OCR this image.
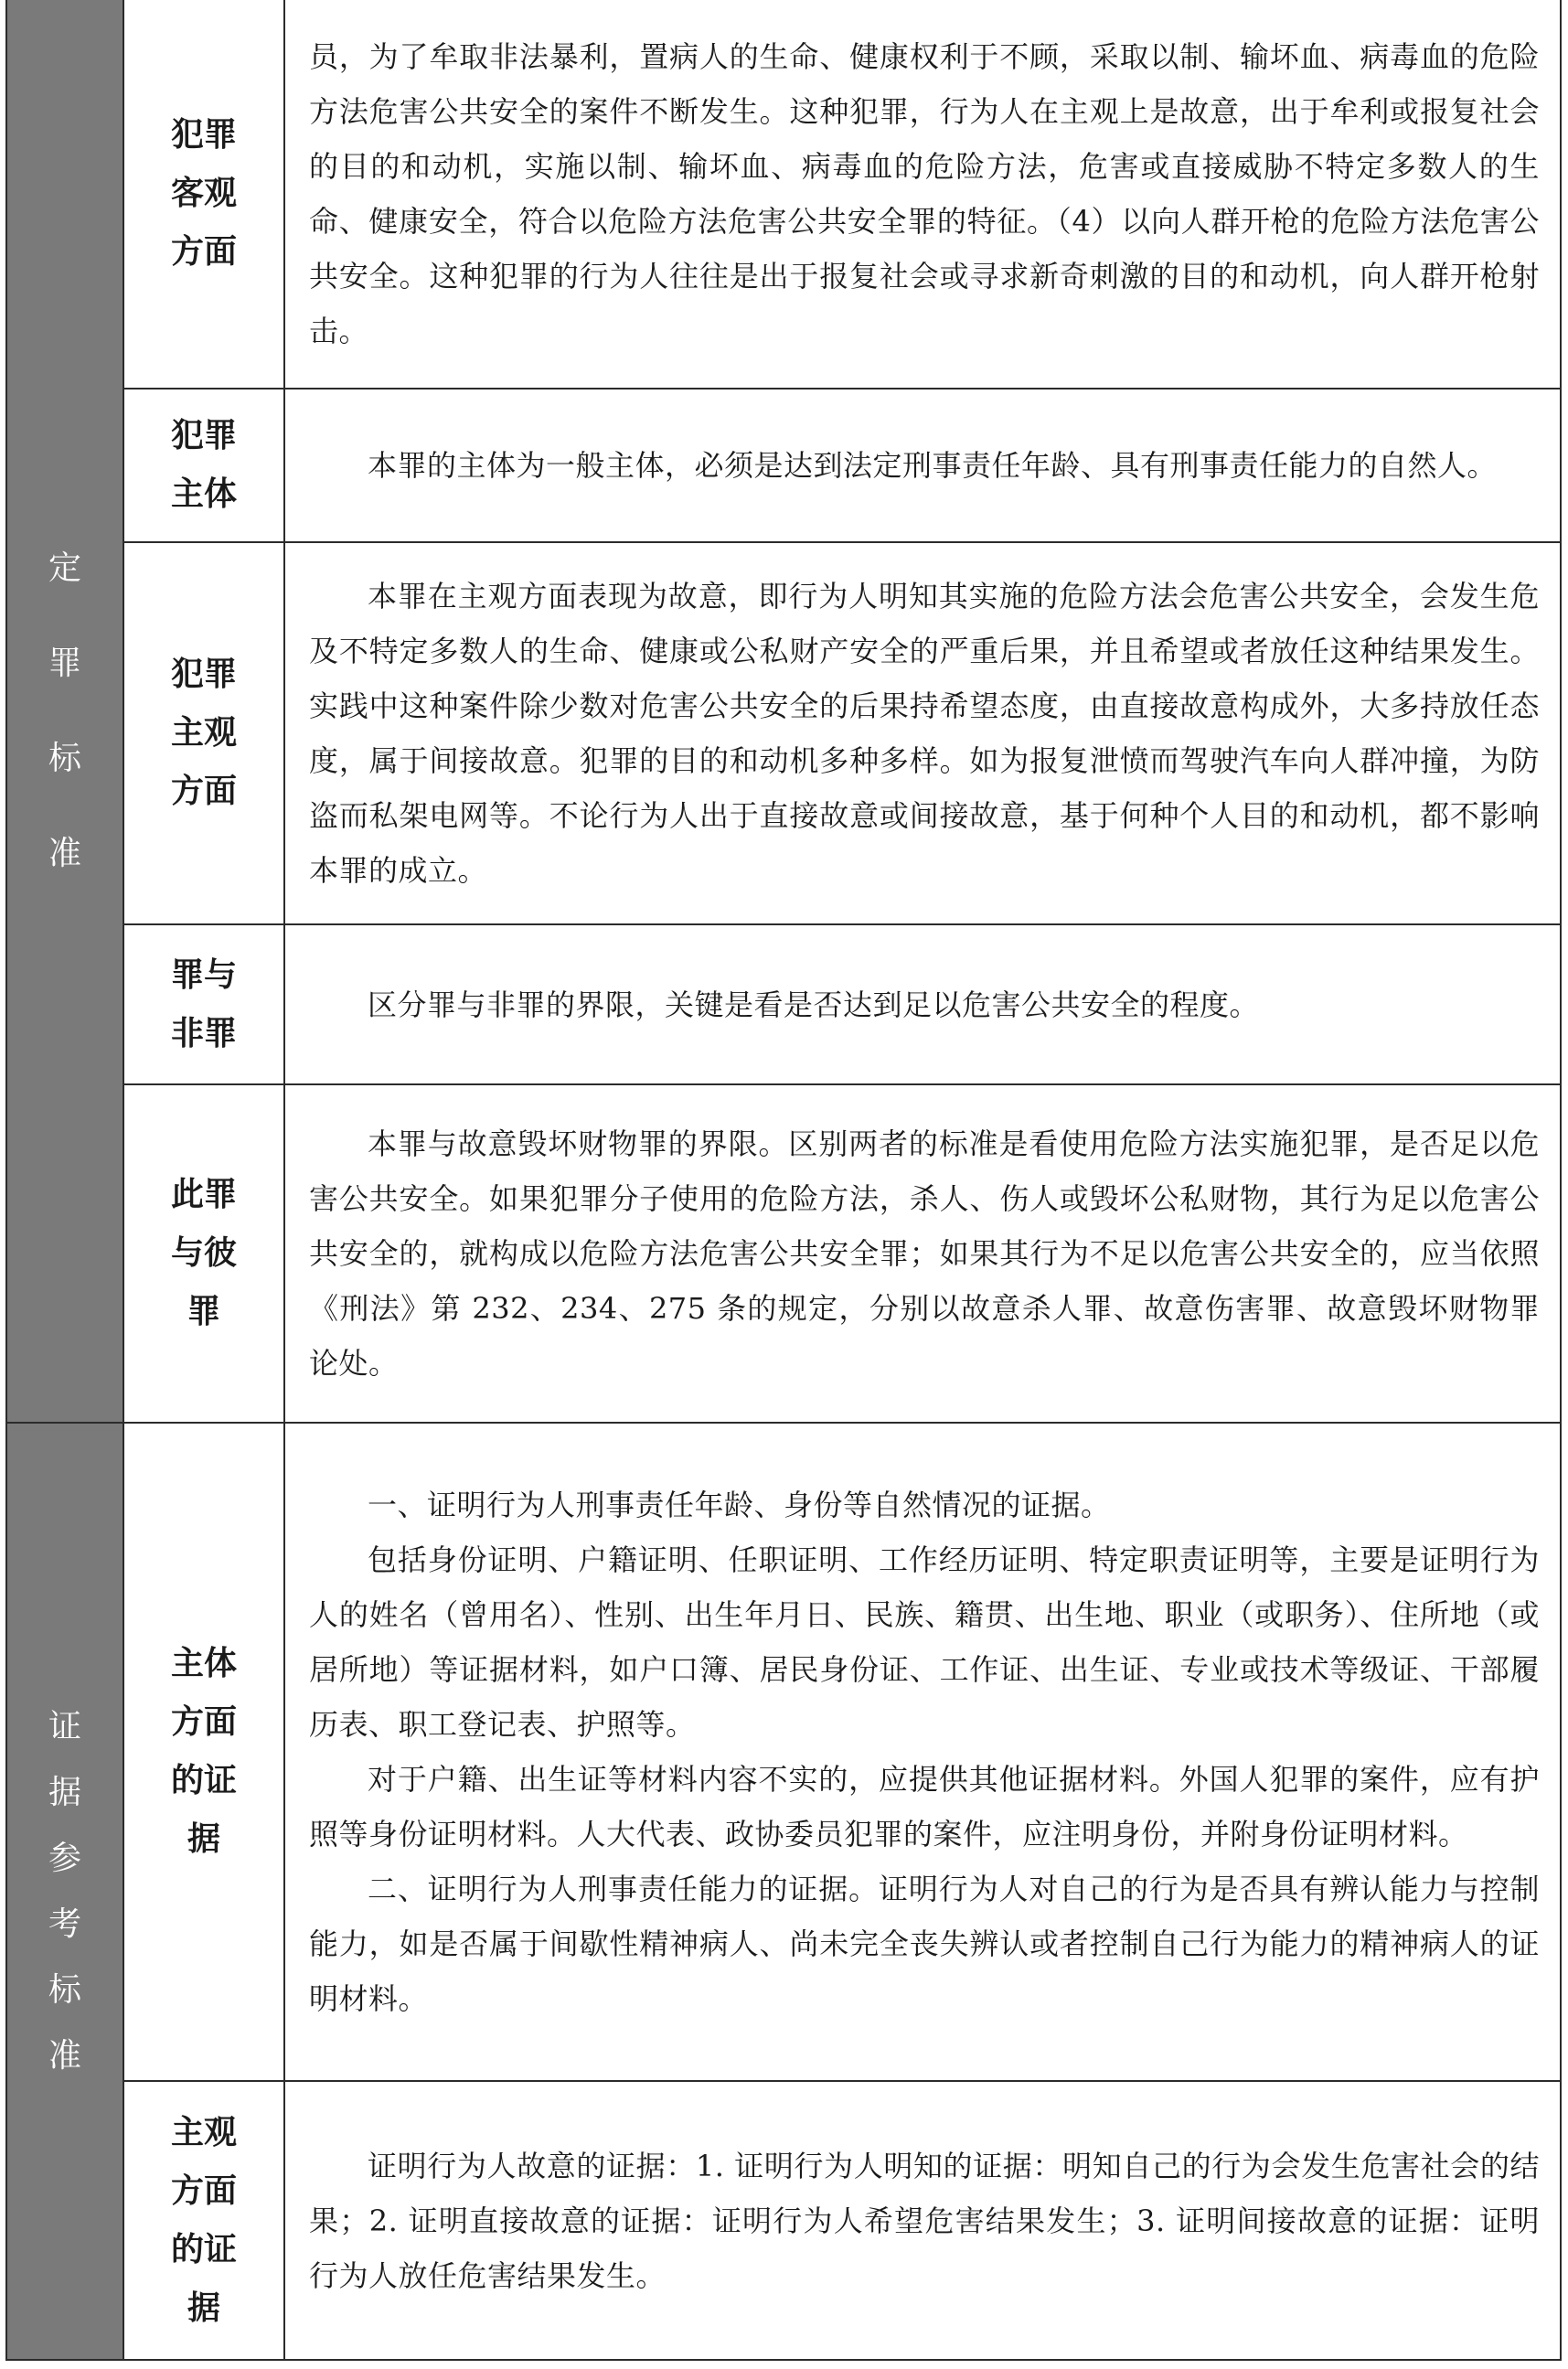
定罪标准	犯罪客观方面	员，为了牟取非法暴利，置病人的生命、健康权利于不顾，采取以制、输坏血、病毒血的危险方法危害公共安全的案件不断发生。这种犯罪，行为人在主观上是故意，出于牟利或报复社会的目的和动机，实施以制、输坏血、病毒血的危险方法，危害或直接威胁不特定多数人的生命、健康安全，符合以危险方法危害公共安全罪的特征。（4）以向人群开枪的危险方法危害公共安全。这种犯罪的行为人往往是出于报复社会或寻求新奇刺激的目的和动机，向人群开枪射击。

	犯罪主体	本罪的主体为一般主体，必须是达到法定刑事责任年龄、具有刑事责任能力的自然人。

	犯罪主观方面	本罪在主观方面表现为故意，即行为人明知其实施的危险方法会危害公共安全，会发生危及不特定多数人的生命、健康或公私财产安全的严重后果，并且希望或者放任这种结果发生。实践中这种案件除少数对危害公共安全的后果持希望态度，由直接故意构成外，大多持放任态度，属于间接故意。犯罪的目的和动机多种多样。如为报复泄愤而驾驶汽车向人群冲撞，为防盗而私架电网等。不论行为人出于直接故意或间接故意，基于何种个人目的和动机，都不影响本罪的成立。

	罪与非罪	区分罪与非罪的界限，关键是看是否达到足以危害公共安全的程度。

	此罪与彼罪	本罪与故意毁坏财物罪的界限。区别两者的标准是看使用危险方法实施犯罪，是否足以危害公共安全。如果犯罪分子使用的危险方法，杀人、伤人或毁坏公私财物，其行为足以危害公共安全的，就构成以危险方法危害公共安全罪；如果其行为不足以危害公共安全的，应当依照《刑法》第 232、234、275 条的规定，分别以故意杀人罪、故意伤害罪、故意毁坏财物罪论处。

证据参考标准	主体方面的证据	一、证明行为人刑事责任年龄、身份等自然情况的证据。

包括身份证明、户籍证明、任职证明、工作经历证明、特定职责证明等，主要是证明行为人的姓名（曾用名）、性别、出生年月日、民族、籍贯、出生地、职业（或职务）、住所地（或居所地）等证据材料，如户口簿、居民身份证、工作证、出生证、专业或技术等级证、干部履历表、职工登记表、护照等。

对于户籍、出生证等材料内容不实的，应提供其他证据材料。外国人犯罪的案件，应有护照等身份证明材料。人大代表、政协委员犯罪的案件，应注明身份，并附身份证明材料。

二、证明行为人刑事责任能力的证据。证明行为人对自己的行为是否具有辨认能力与控制能力，如是否属于间歇性精神病人、尚未完全丧失辨认或者控制自己行为能力的精神病人的证明材料。

	主观方面的证据	证明行为人故意的证据：1. 证明行为人明知的证据：明知自己的行为会发生危害社会的结果；2. 证明直接故意的证据：证明行为人希望危害结果发生；3. 证明间接故意的证据：证明行为人放任危害结果发生。
